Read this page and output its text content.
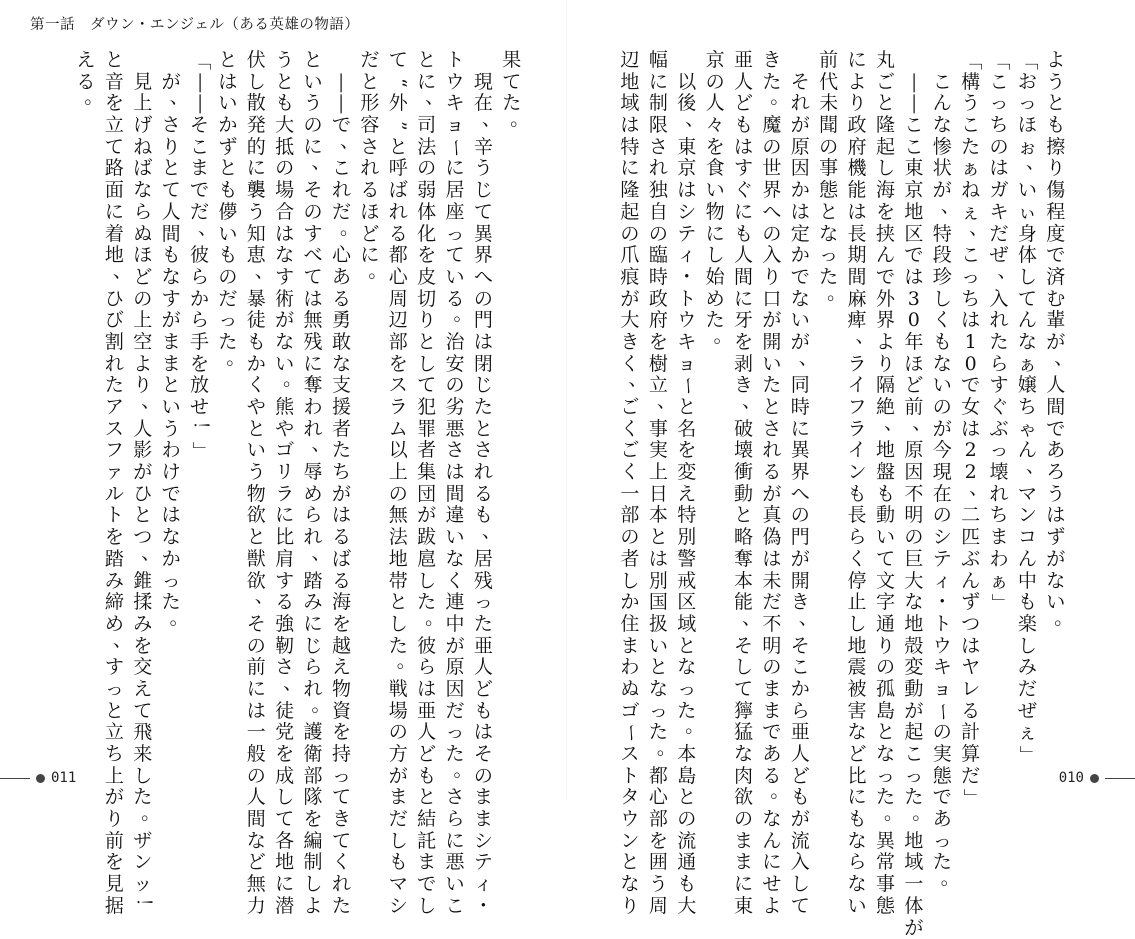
第一話　ダウン・エンジェル（ある英雄の物語）
果
て
た
。

現
在
、
辛
う
じ
て
異
界
へ
の
門
は
閉
じ
た
と
さ
れ
る
も
、
居
残
っ
た
亜
人
ど
も
は
そ
の
ま
ま
シ
テ
ィ
・
ト
ウ
キ
ョ
ー
に
居
座
っ
て
い
る
。
治
安
の
劣
悪
さ
は
間
違
い
な
く
連
中
が
原
因
だ
っ
た
。
さ
ら
に
悪
い
こ
と
に
、
司
法
の
弱
体
化
を
皮
切
り
と
し
て
犯
罪
者
集
団
が
跋
扈
し
た
。
彼
ら
は
亜
人
ど
も
と
結
託
ま
で
し
て
“
外
”
と
呼
ば
れ
る
都
心
周
辺
部
を
ス
ラ
ム
以
上
の
無
法
地
帯
と
し
た
。
戦
場
の
方
が
ま
だ
し
も
マ
シ
だ
と
形
容
さ
れ
る
ほ
ど
に
。

―
―
で
、
こ
れ
だ
。
心
あ
る
勇
敢
な
支
援
者
た
ち
が
は
る
ば
る
海
を
越
え
物
資
を
持
っ
て
き
て
く
れ
た
と
い
う
の
に
、
そ
の
す
べ
て
は
無
残
に
奪
わ
れ
、
辱
め
ら
れ
、
踏
み
に
じ
ら
れ
。
護
衛
部
隊
を
編
制
し
よ
う
と
も
大
抵
の
場
合
は
な
す
術
が
な
い
。
熊
や
ゴ
リ
ラ
に
比
肩
す
る
強
靭
さ
、
徒
党
を
成
し
て
各
地
に
潜
伏
し
散
発
的
に
襲
う
知
恵
、
暴
徒
も
か
く
や
と
い
う
物
欲
と
獣
欲
、
そ
の
前
に
は
一
般
の
人
間
な
ど
無
力
と
は
い
か
ず
と
も
儚
い
も
の
だ
っ
た
。
「
―
―
そ
こ
ま
で
だ
、
彼
ら
か
ら
手
を
放
せ
！
」

が
、
さ
り
と
て
人
間
も
な
す
が
ま
ま
と
い
う
わ
け
で
は
な
か
っ
た
。

見
上
げ
ね
ば
な
ら
ぬ
ほ
ど
の
上
空
よ
り
、
人
影
が
ひ
と
つ
、
錐
揉
み
を
交
え
て
飛
来
し
た
。
ザ
ン
ッ
！
と
音
を
立
て
路
面
に
着
地
、
ひ
び
割
れ
た
ア
ス
フ
ァ
ル
ト
を
踏
み
締
め
、
す
っ
と
立
ち
上
が
り
前
を
見
据
え
る
。
よ
う
と
も
擦
り
傷
程
度
で
済
む
輩
が
、
人
間
で
あ
ろ
う
は
ず
が
な
い
。
「
お
っ
ほ
ぉ
、
い
ぃ
身
体
し
て
ん
な
ぁ
嬢
ち
ゃ
ん
、
マ
ン
コ
ん
中
も
楽
し
み
だ
ぜ
ぇ
」
「
こ
っ
ち
の
は
ガ
キ
だ
ぜ
、
入
れ
た
ら
す
ぐ
ぶ
っ
壊
れ
ち
ま
わ
ぁ
」
「
構
う
こ
た
ぁ
ね
ぇ
、
こ
っ
ち
は
1
0
で
女
は
2
2
、
二
匹
ぶ
ん
ず
つ
は
ヤ
レ
る
計
算
だ
」

こ
ん
な
惨
状
が
、
特
段
珍
し
く
も
な
い
の
が
今
現
在
の
シ
テ
ィ
・
ト
ウ
キ
ョ
ー
の
実
態
で
あ
っ
た
。

―
―
こ
こ
東
京
地
区
で
は
3
0
年
ほ
ど
前
、
原
因
不
明
の
巨
大
な
地
殻
変
動
が
起
こ
っ
た
。
地
域
一
体
が
丸
ご
と
隆
起
し
海
を
挟
ん
で
外
界
よ
り
隔
絶
、
地
盤
も
動
い
て
文
字
通
り
の
孤
島
と
な
っ
た
。
異
常
事
態
に
よ
り
政
府
機
能
は
長
期
間
麻
痺
、
ラ
イ
フ
ラ
イ
ン
も
長
ら
く
停
止
し
地
震
被
害
な
ど
比
に
も
な
ら
な
い
前
代
未
聞
の
事
態
と
な
っ
た
。

そ
れ
が
原
因
か
は
定
か
で
な
い
が
、
同
時
に
異
界
へ
の
門
が
開
き
、
そ
こ
か
ら
亜
人
ど
も
が
流
入
し
て
き
た
。
魔
の
世
界
へ
の
入
り
口
が
開
い
た
と
さ
れ
る
が
真
偽
は
未
だ
不
明
の
ま
ま
で
あ
る
。
な
ん
に
せ
よ
亜
人
ど
も
は
す
ぐ
に
も
人
間
に
牙
を
剥
き
、
破
壊
衝
動
と
略
奪
本
能
、
そ
し
て
獰
猛
な
肉
欲
の
ま
ま
に
東
京
の
人
々
を
食
い
物
に
し
始
め
た
。

以
後
、
東
京
は
シ
テ
ィ
・
ト
ウ
キ
ョ
ー
と
名
を
変
え
特
別
警
戒
区
域
と
な
っ
た
。
本
島
と
の
流
通
も
大
幅
に
制
限
さ
れ
独
自
の
臨
時
政
府
を
樹
立
、
事
実
上
日
本
と
は
別
国
扱
い
と
な
っ
た
。
都
心
部
を
囲
う
周
辺
地
域
は
特
に
隆
起
の
爪
痕
が
大
き
く
、
ご
く
ご
く
一
部
の
者
し
か
住
ま
わ
ぬ
ゴ
ー
ス
ト
タ
ウ
ン
と
な
り
011	010
